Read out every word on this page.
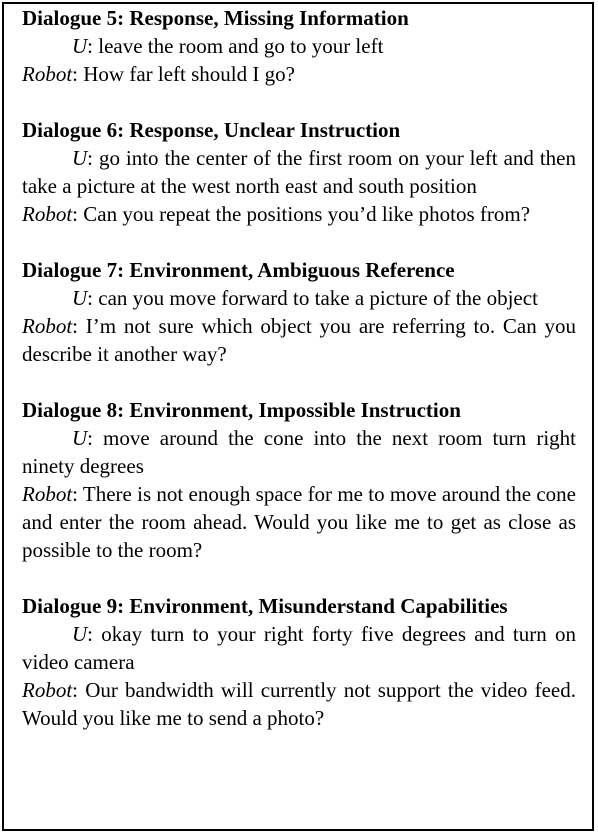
Dialogue 5: Response, Missing Information
U: leave the room and go to your left
Robot: How far left should I go?
Dialogue 6: Response, Unclear Instruction
U: go into the center of the first room on your left and then take a picture at the west north east and south position
Robot: Can you repeat the positions you’d like photos from?
Dialogue 7: Environment, Ambiguous Reference
U: can you move forward to take a picture of the object
Robot: I’m not sure which object you are referring to. Can you describe it another way?
Dialogue 8: Environment, Impossible Instruction
U: move around the cone into the next room turn right ninety degrees
Robot: There is not enough space for me to move around the cone and enter the room ahead. Would you like me to get as close as possible to the room?
Dialogue 9: Environment, Misunderstand Capabilities
U: okay turn to your right forty five degrees and turn on video camera
Robot: Our bandwidth will currently not support the video feed. Would you like me to send a photo?
